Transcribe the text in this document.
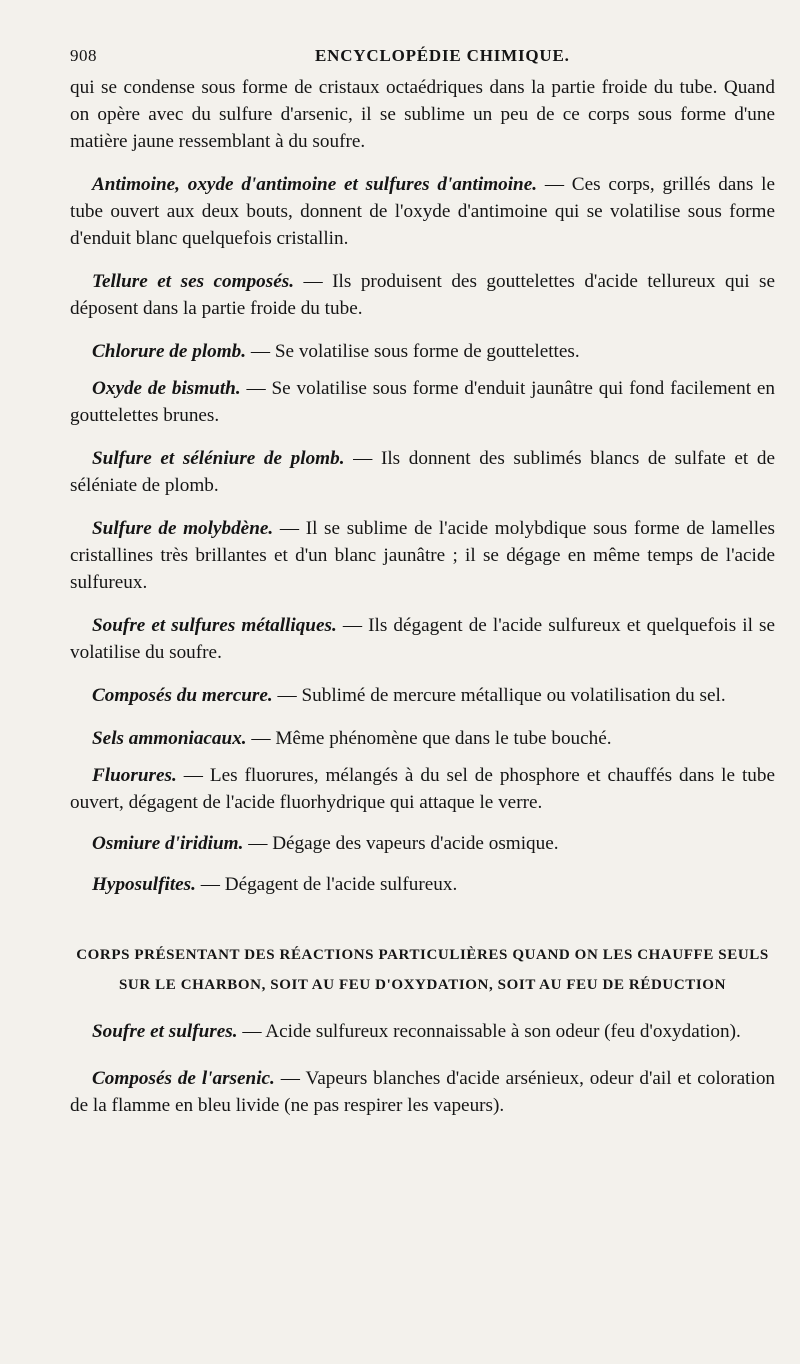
908	ENCYCLOPÉDIE CHIMIQUE.

qui se condense sous forme de cristaux octaédriques dans la partie froide du tube. Quand on opère avec du sulfure d'arsenic, il se sublime un peu de ce corps sous forme d'une matière jaune ressemblant à du soufre.

Antimoine, oxyde d'antimoine et sulfures d'antimoine. — Ces corps, grillés dans le tube ouvert aux deux bouts, donnent de l'oxyde d'antimoine qui se volatilise sous forme d'enduit blanc quelquefois cristallin.

Tellure et ses composés. — Ils produisent des gouttelettes d'acide tellureux qui se déposent dans la partie froide du tube.

Chlorure de plomb. — Se volatilise sous forme de gouttelettes.

Oxyde de bismuth. — Se volatilise sous forme d'enduit jaunâtre qui fond facilement en gouttelettes brunes.

Sulfure et séléniure de plomb. — Ils donnent des sublimés blancs de sulfate et de séléniate de plomb.

Sulfure de molybdène. — Il se sublime de l'acide molybdique sous forme de lamelles cristallines très brillantes et d'un blanc jaunâtre ; il se dégage en même temps de l'acide sulfureux.

Soufre et sulfures métalliques. — Ils dégagent de l'acide sulfureux et quelquefois il se volatilise du soufre.

Composés du mercure. — Sublimé de mercure métallique ou volatilisation du sel.

Sels ammoniacaux. — Même phénomène que dans le tube bouché.

Fluorures. — Les fluorures, mélangés à du sel de phosphore et chauffés dans le tube ouvert, dégagent de l'acide fluorhydrique qui attaque le verre.

Osmiure d'iridium. — Dégage des vapeurs d'acide osmique.

Hyposulfites. — Dégagent de l'acide sulfureux.

CORPS PRÉSENTANT DES RÉACTIONS PARTICULIÈRES QUAND ON LES CHAUFFE SEULS

SUR LE CHARBON, SOIT AU FEU D'OXYDATION, SOIT AU FEU DE RÉDUCTION

Soufre et sulfures. — Acide sulfureux reconnaissable à son odeur (feu d'oxydation).

Composés de l'arsenic. — Vapeurs blanches d'acide arsénieux, odeur d'ail et coloration de la flamme en bleu livide (ne pas respirer les vapeurs).
